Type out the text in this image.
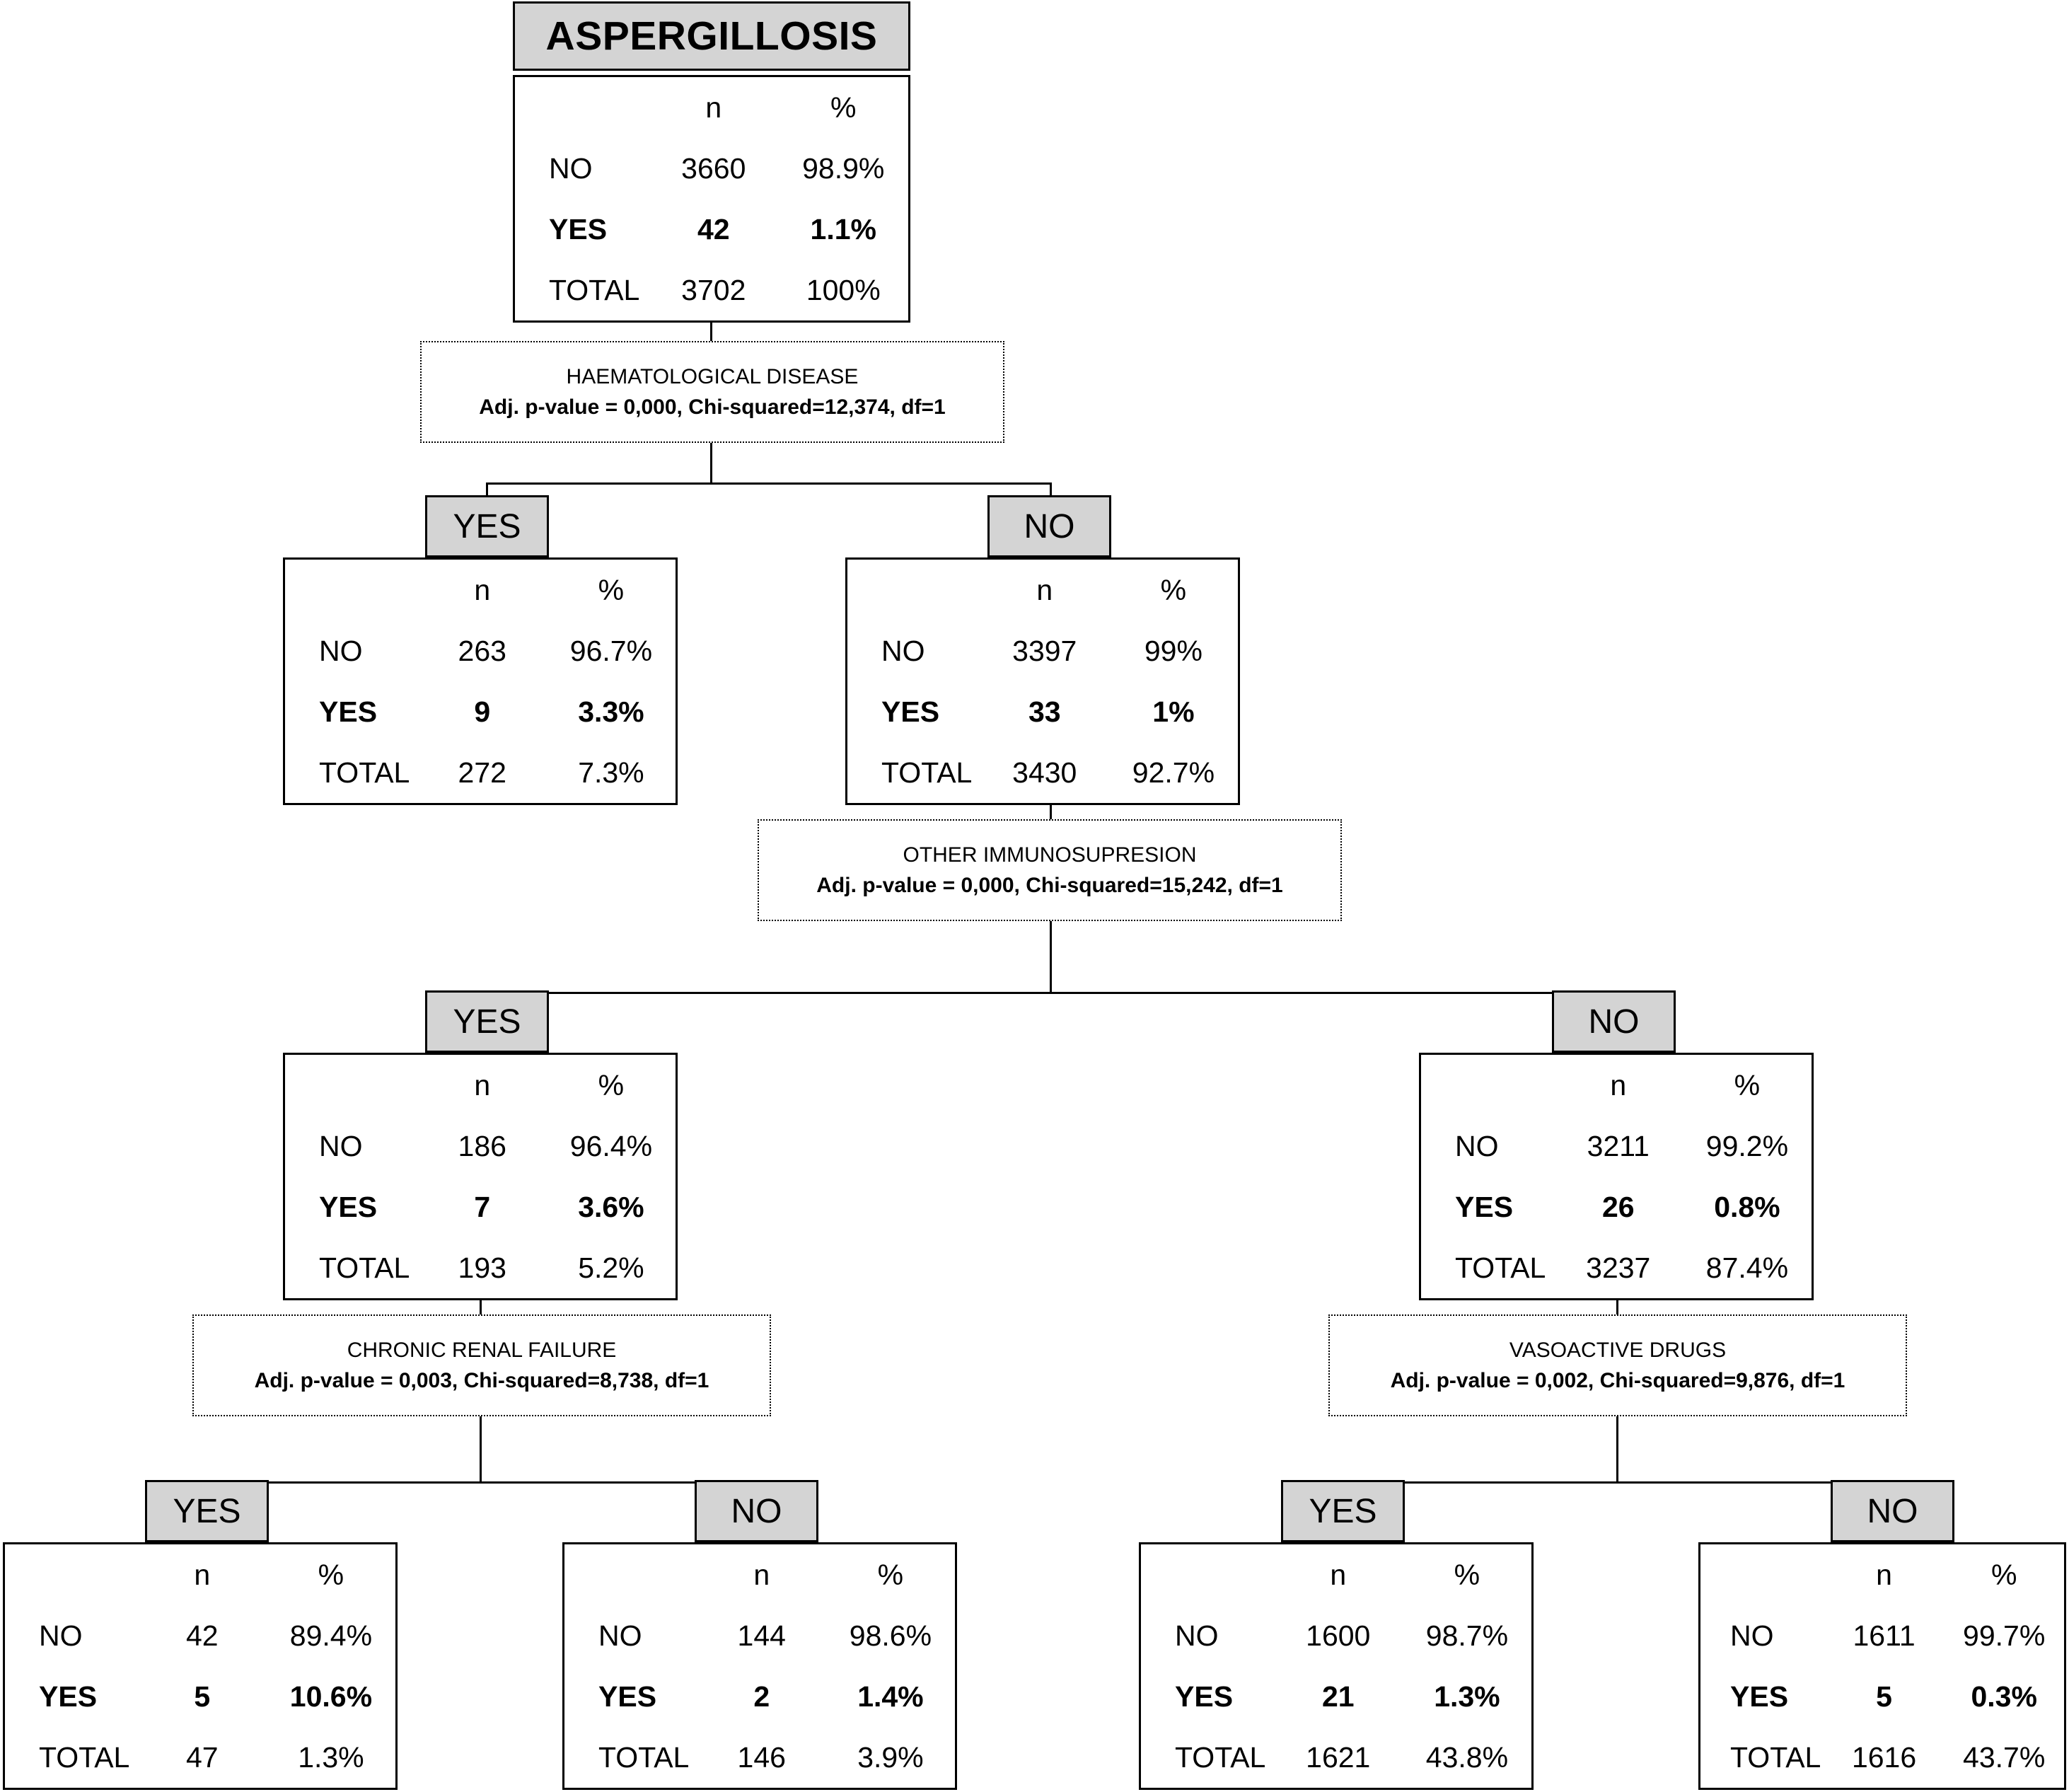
ASPERGILLOSIS
	n	%
NO	3660	98.9%
YES	42	1.1%
TOTAL	3702	100%
HAEMATOLOGICAL DISEASE
Adj. p-value = 0,000, Chi-squared=12,374, df=1
YES	NO
	n	%
NO	263	96.7%
YES	9	3.3%
TOTAL	272	7.3%
	n	%
NO	3397	99%
YES	33	1%
TOTAL	3430	92.7%
OTHER IMMUNOSUPRESION
Adj. p-value = 0,000, Chi-squared=15,242, df=1
YES	NO
	n	%
NO	186	96.4%
YES	7	3.6%
TOTAL	193	5.2%
	n	%
NO	3211	99.2%
YES	26	0.8%
TOTAL	3237	87.4%
CHRONIC RENAL FAILURE
Adj. p-value = 0,003, Chi-squared=8,738, df=1
YES	NO
	n	%
NO	42	89.4%
YES	5	10.6%
TOTAL	47	1.3%
	n	%
NO	144	98.6%
YES	2	1.4%
TOTAL	146	3.9%
VASOACTIVE DRUGS
Adj. p-value = 0,002, Chi-squared=9,876, df=1
YES	NO
	n	%
NO	1600	98.7%
YES	21	1.3%
TOTAL	1621	43.8%
	n	%
NO	1611	99.7%
YES	5	0.3%
TOTAL	1616	43.7%
